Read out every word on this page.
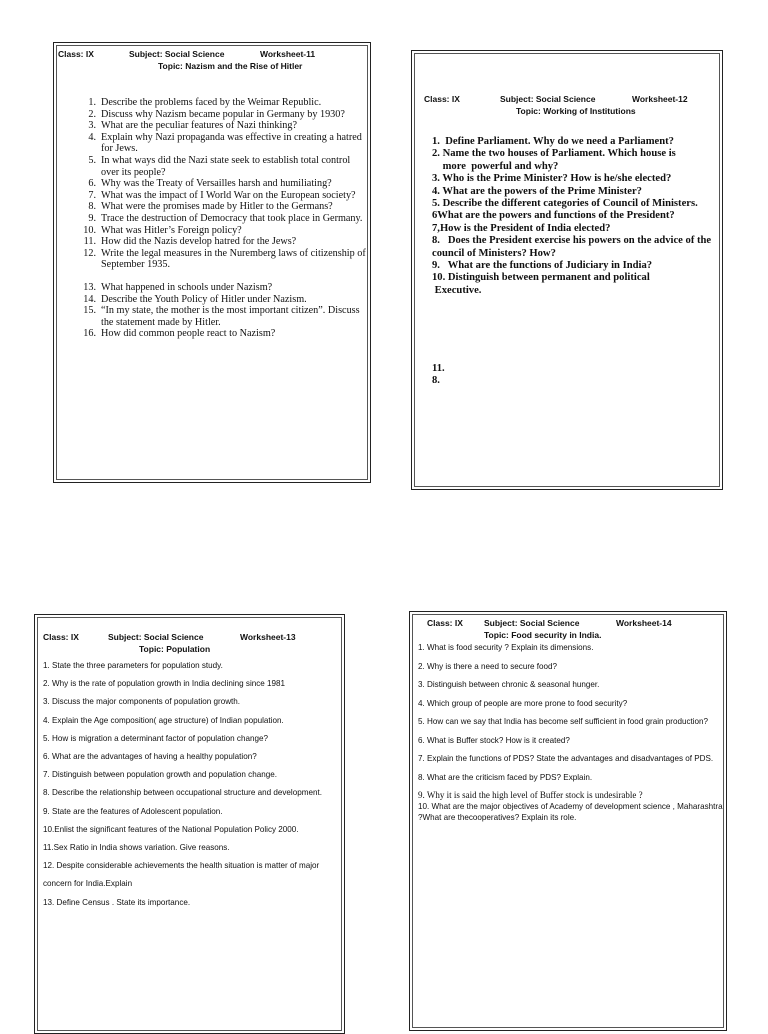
Class: IX	Subject: Social Science	Worksheet-11
Topic: Nazism and the Rise of Hitler
1. Describe the problems faced by the Weimar Republic.
2. Discuss why Nazism became popular in Germany by 1930?
3. What are the peculiar features of Nazi thinking?
4. Explain why Nazi propaganda was effective in creating a hatred for Jews.
5. In what ways did the Nazi state seek to establish total control over its people?
6. Why was the Treaty of Versailles harsh and humiliating?
7. What was the impact of I World War on the European society?
8. What were the promises made by Hitler to the Germans?
9. Trace the destruction of Democracy that took place in Germany.
10. What was Hitler’s Foreign policy?
11. How did the Nazis develop hatred for the Jews?
12. Write the legal measures in the Nuremberg laws of citizenship of September 1935.
13. What happened in schools under Nazism?
14. Describe the Youth Policy of Hitler under Nazism.
15. “In my state, the mother is the most important citizen”. Discuss the statement made by Hitler.
16. How did common people react to Nazism?
Class: IX	Subject: Social Science	Worksheet-12
Topic: Working of Institutions
1.  Define Parliament. Why do we need a Parliament?
2. Name the two houses of Parliament. Which house is
more  powerful and why?
3. Who is the Prime Minister? How is he/she elected?
4. What are the powers of the Prime Minister?
5. Describe the different categories of Council of Ministers.
6What are the powers and functions of the President?
7,How is the President of India elected?
8.   Does the President exercise his powers on the advice of the council of Ministers? How?
9.   What are the functions of Judiciary in India?
10. Distinguish between permanent and political
Executive.
11.
8.
Class: IX	Subject: Social Science	Worksheet-13
Topic: Population
1. State the three parameters for population study.
2. Why is the rate of population growth in India declining since 1981
3. Discuss the major components of population growth.
4. Explain the Age composition( age structure) of Indian population.
5. How is migration a determinant factor of population change?
6. What are the advantages of having a healthy population?
7. Distinguish between population growth and population change.
8. Describe the relationship between occupational structure and development.
9. State are the features of Adolescent population.
10.Enlist the significant features of the National Population Policy 2000.
11.Sex Ratio in India shows variation. Give reasons.
12. Despite considerable achievements the health situation is matter of major concern for India.Explain
13. Define Census . State its importance.
Class: IX Subject: Social Science	Worksheet-14
Topic: Food security in India.
1. What is food security ? Explain its dimensions.
2. Why is there a need to secure food?
3. Distinguish between chronic & seasonal hunger.
4. Which group of people are more prone to food security?
5. How can we say that India has become self sufficient in food grain production?
6. What is Buffer stock? How is it created?
7. Explain the functions of PDS? State the advantages and disadvantages of PDS.
8. What are the criticism faced by PDS? Explain.
9. Why it is said the high level of Buffer stock is undesirable ?
10. What are the major objectives of Academy of development science , Maharashtra ?What are thecooperatives? Explain its role.
